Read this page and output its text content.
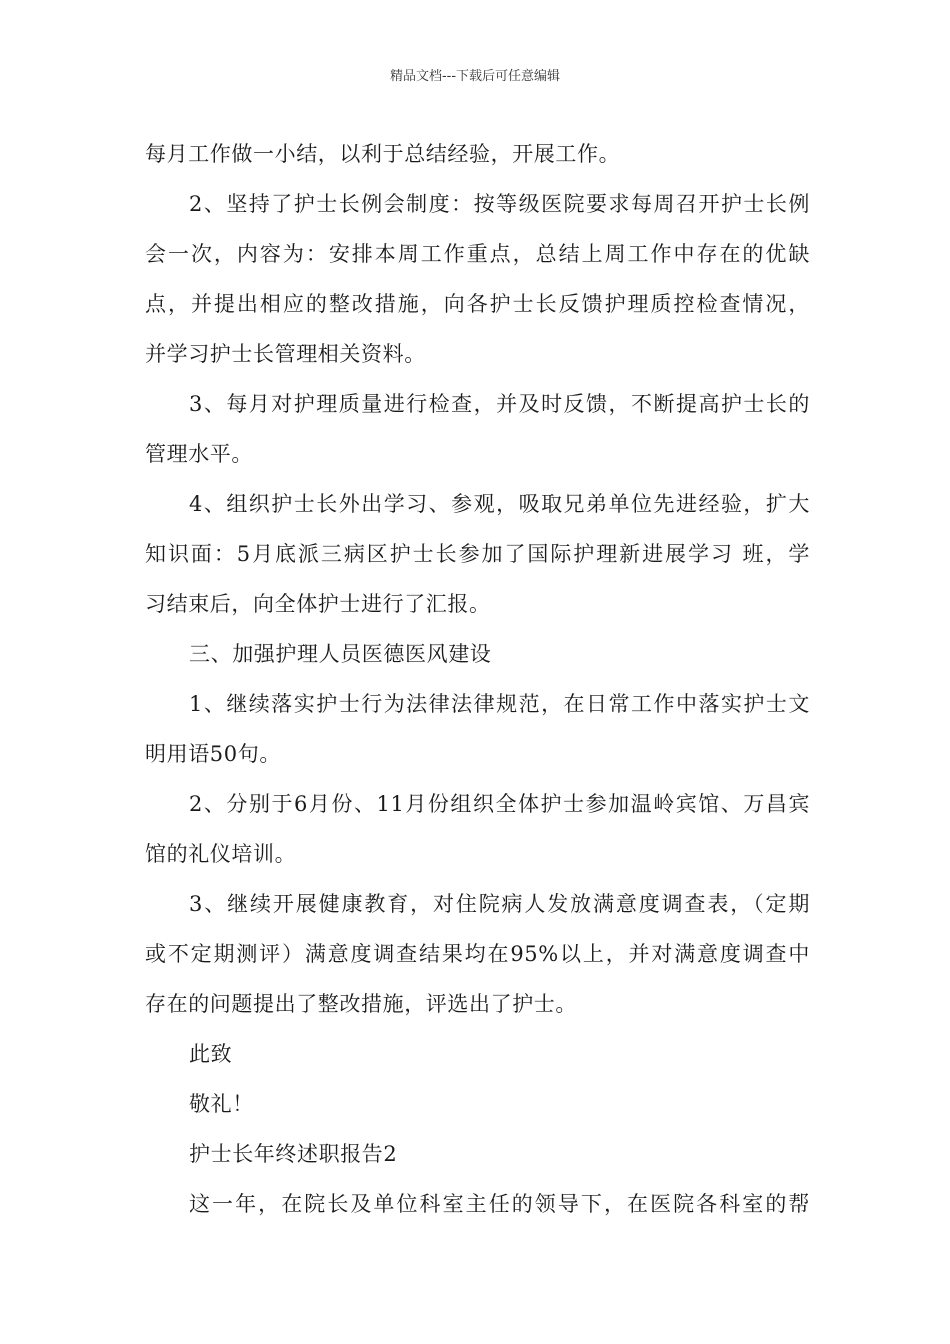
精品文档---下载后可任意编辑
每月工作做一小结，以利于总结经验，开展工作。
2、坚持了护士长例会制度：按等级医院要求每周召开护士长例
会一次，内容为：安排本周工作重点，总结上周工作中存在的优缺
点，并提出相应的整改措施，向各护士长反馈护理质控检查情况，
并学习护士长管理相关资料。
3、每月对护理质量进行检查，并及时反馈，不断提高护士长的
管理水平。
4、组织护士长外出学习、参观，吸取兄弟单位先进经验，扩大
知识面：5月底派三病区护士长参加了国际护理新进展学习 班，学
习结束后，向全体护士进行了汇报。
三、加强护理人员医德医风建设
1、继续落实护士行为法律法律规范，在日常工作中落实护士文
明用语50句。
2、分别于6月份、11月份组织全体护士参加温岭宾馆、万昌宾
馆的礼仪培训。
3、继续开展健康教育，对住院病人发放满意度调查表，（定期
或不定期测评）满意度调查结果均在95%以上，并对满意度调查中
存在的问题提出了整改措施，评选出了护士。
此致
敬礼！
护士长年终述职报告2
这一年，在院长及单位科室主任的领导下，在医院各科室的帮
